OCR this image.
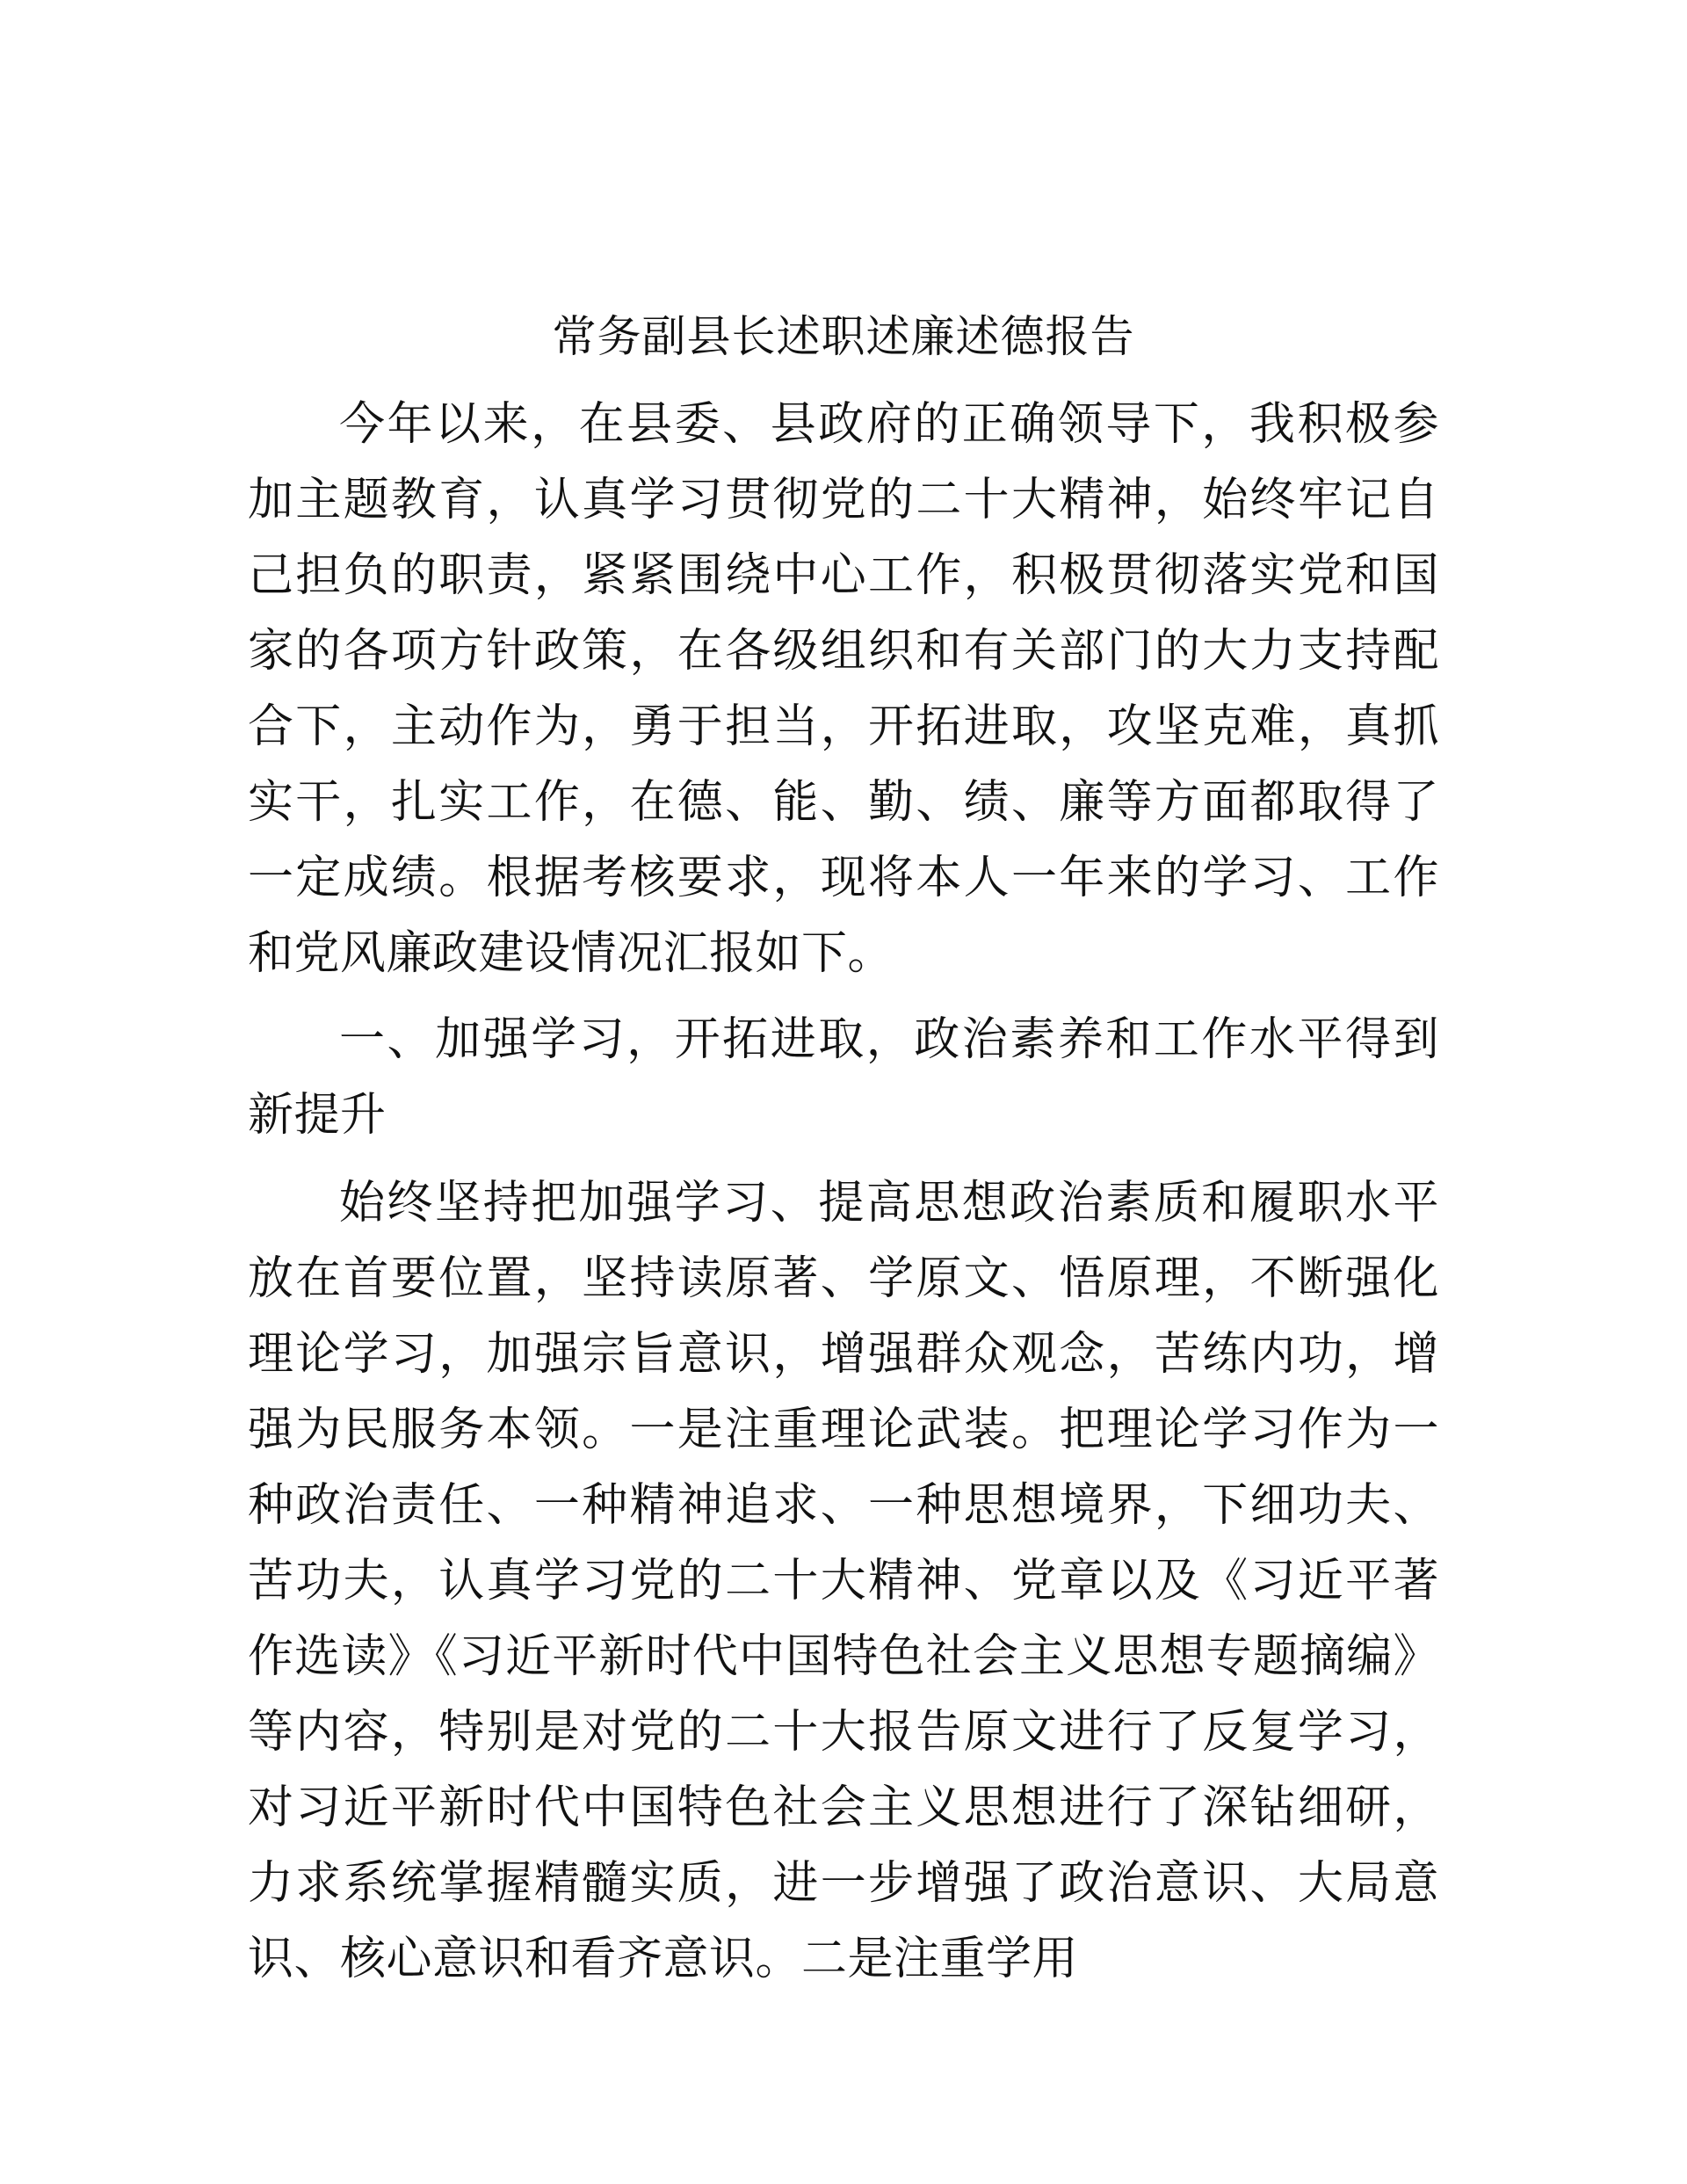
常务副县长述职述廉述德报告

今年以来，在县委、县政府的正确领导下，我积极参加主题教育，认真学习贯彻党的二十大精神，始终牢记自己担负的职责，紧紧围绕中心工作，积极贯彻落实党和国家的各项方针政策，在各级组织和有关部门的大力支持配合下，主动作为，勇于担当，开拓进取，攻坚克难，真抓实干，扎实工作，在德、能、勤、绩、廉等方面都取得了一定成绩。根据考核要求，现将本人一年来的学习、工作和党风廉政建设情况汇报如下。

一、加强学习，开拓进取，政治素养和工作水平得到新提升

始终坚持把加强学习、提高思想政治素质和履职水平放在首要位置，坚持读原著、学原文、悟原理，不断强化理论学习，加强宗旨意识，增强群众观念，苦练内功，增强为民服务本领。一是注重理论武装。把理论学习作为一种政治责任、一种精神追求、一种思想境界，下细功夫、苦功夫，认真学习党的二十大精神、党章以及《习近平著作选读》《习近平新时代中国特色社会主义思想专题摘编》等内容，特别是对党的二十大报告原文进行了反复学习，对习近平新时代中国特色社会主义思想进行了深钻细研，力求系统掌握精髓实质，进一步增强了政治意识、大局意识、核心意识和看齐意识。二是注重学用
